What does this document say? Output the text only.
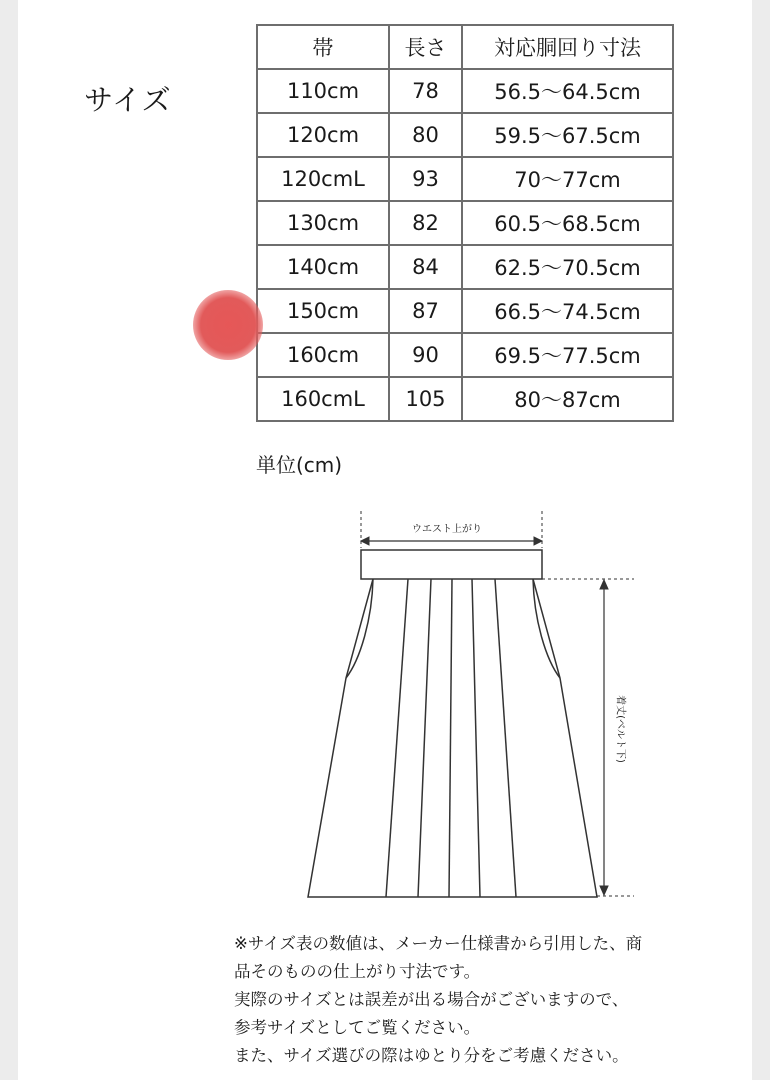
サイズ
帯	長さ	対応胴回り寸法
110cm	78	56.5〜64.5cm
120cm	80	59.5〜67.5cm
120cmL	93	70〜77cm
130cm	82	60.5〜68.5cm
140cm	84	62.5〜70.5cm
150cm	87	66.5〜74.5cm
160cm	90	69.5〜77.5cm
160cmL	105	80〜87cm
単位(cm)
ウエスト上がり
着丈(ベルト下)
※サイズ表の数値は、メーカー仕様書から引用した、商
品そのものの仕上がり寸法です。
実際のサイズとは誤差が出る場合がございますので、
参考サイズとしてご覧ください。
また、サイズ選びの際はゆとり分をご考慮ください。
